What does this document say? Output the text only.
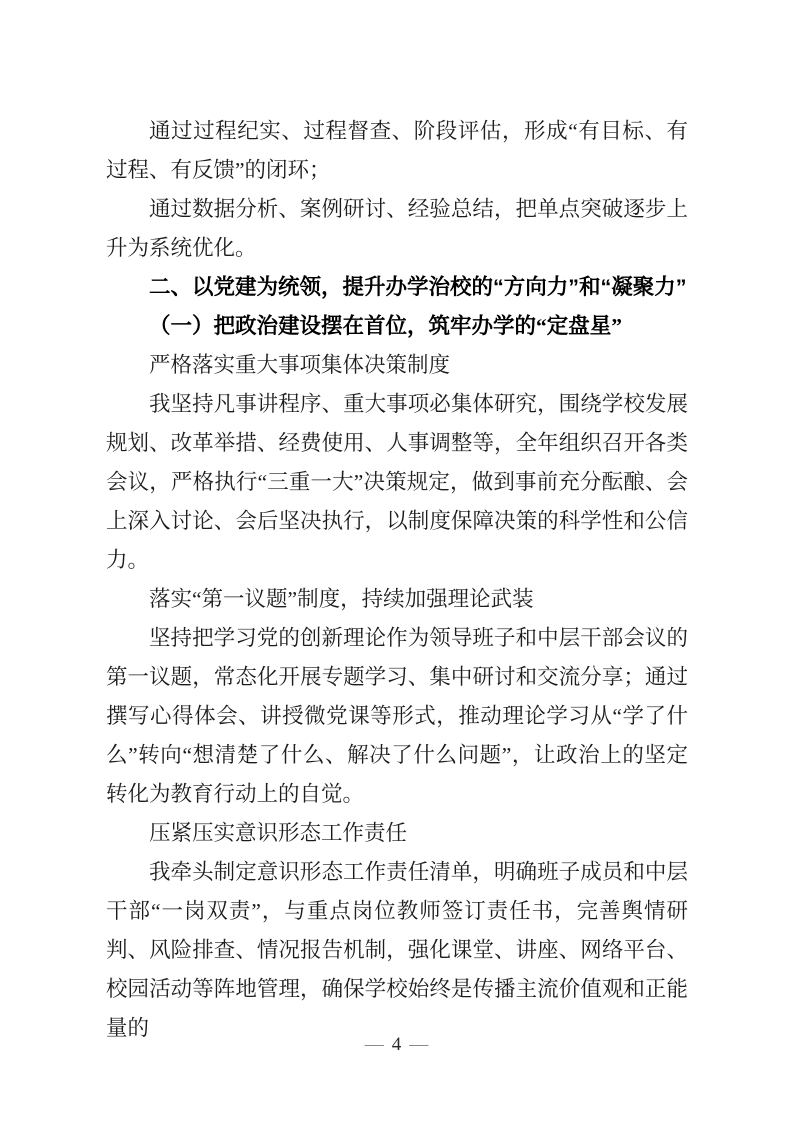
通过过程纪实、过程督查、阶段评估，形成“有目标、有过程、有反馈”的闭环；

通过数据分析、案例研讨、经验总结，把单点突破逐步上升为系统优化。

二、以党建为统领，提升办学治校的“方向力”和“凝聚力”

（一）把政治建设摆在首位，筑牢办学的“定盘星”

严格落实重大事项集体决策制度

我坚持凡事讲程序、重大事项必集体研究，围绕学校发展规划、改革举措、经费使用、人事调整等，全年组织召开各类会议，严格执行“三重一大”决策规定，做到事前充分酝酿、会上深入讨论、会后坚决执行，以制度保障决策的科学性和公信力。

落实“第一议题”制度，持续加强理论武装

坚持把学习党的创新理论作为领导班子和中层干部会议的第一议题，常态化开展专题学习、集中研讨和交流分享；通过撰写心得体会、讲授微党课等形式，推动理论学习从“学了什么”转向“想清楚了什么、解决了什么问题”，让政治上的坚定转化为教育行动上的自觉。

压紧压实意识形态工作责任

我牵头制定意识形态工作责任清单，明确班子成员和中层干部“一岗双责”，与重点岗位教师签订责任书，完善舆情研判、风险排查、情况报告机制，强化课堂、讲座、网络平台、校园活动等阵地管理，确保学校始终是传播主流价值观和正能量的

— 4 —
